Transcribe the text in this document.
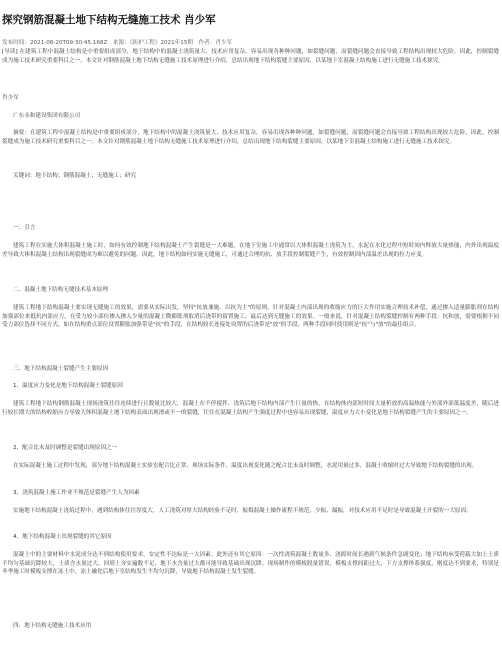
探究钢筋混凝土地下结构无缝施工技术 肖少军
发布时间：2021-08-20T09:30:45.168Z　来源：《防护工程》2021年15期　作者：肖少军

[导读] 在建筑工程中混凝土结构是中重要组成部分，地下结构中的混凝土浇筑量大、技术应用复杂，容易出现各种种问题，如裂缝问题，而裂缝问题会直接导致工程结构出现较大危险。因此，控制裂缝成为施工技术研究重要科目之一。本文针对钢筋混凝土地下结构无缝施工技术原理进行介绍，总结出现地下结构裂缝主要原因，以某地下室混凝土结构施工进行无缝施工技术探究。

肖少军

广东永和建设集团有限公司

摘要：在建筑工程中混凝土结构是中重要组成部分，地下结构中的混凝土浇筑量大、技术应用复杂，容易出现各种种问题，如裂缝问题，而裂缝问题会直接导致工程结构出现较大危险。因此，控制裂缝成为施工技术研究重要科目之一。本文针对钢筋混凝土地下结构无缝施工技术原理进行介绍，总结出现地下结构裂缝主要原因，以某地下室混凝土结构施工进行无缝施工技术探究。

关键词：地下结构；钢筋混凝土；无缝施工；研究

一、引言

建筑工程在实施大体积混凝土施工时，如何有效控制地下结构混凝土产生裂缝是一大难题。在地下室施工中通常以大体积混凝土浇筑为主，水泥在水化过程中短时间内释放大量热能，内外出现温度差导致大体积混凝土结构出现裂缝成为难以避免的问题。因此，地下结构如何实施无缝施工，可通过合理的抗、放手段控制裂缝产生，有效控制因内部温差出现的拉力应变。

二、混凝土地下结构无缝技术基本原理

建筑工程地下结构混凝土要实现无缝施工的效果，需要从实际出发，坚持"抗放兼施、以抗为主"的原则，针对混凝土内部出现的收缩应力的巨大作用实施合理技术补偿，通过掺入适量膨胀剂在结构加强部位来抵抗内部应力，在受力较小部位掺入掺入少量的混凝土微膨胀剂取消后浇带的留置施工，最后达到无缝施工的效果。一般来说，针对混凝土结构裂缝控制有两种手段：抗和放，需要根据不同受力部位选择不同方式，如在结构重点部位设置膨胀加强带是"抗"的手段，在结构较长连接处设置的后浇带是"放"的手段，两种手段同时使用则是"抗"与"放"的最佳组合。

三、地下结构混凝土裂缝产生主要原因

1、温度应力变化是地下结构混凝土裂缝原因

建筑工程地下结构钢筋混凝土现场浇筑往往连续进行且数量比较大，混凝土在不停搅拌、浇筑后地下结构内部产生巨量的热，在结构体内部短时间大量析放的高温热能与外部外部低温度差，随后进行较长期大的结构收缩应力导致大体积混凝土地下结构表面出现滑或不一的裂缝，往往在混凝土结构产生强度过程中也容易出现裂缝，温度应力大小变化是地下结构裂缝产生的主要原因之一。

2、配合比未及时调整是裂缝出现原因之一

在实际混凝土施工过程中发现，部分地下结构混凝土实验室配合比正常，现场实际条件、温度出现变化随之配合比未及时调整，水泥用量过多，混凝土收缩时过大导致地下结构裂缝的出现。

3、浇筑混凝土施工作业不规范是裂缝产生人为因素

实施地下结构混凝土浇筑过程中，遇到结构体往往厚度大，人工浇筑对厚大结构经验不足时，振捣混凝土操作流程不规范，少振、漏振，对技术应用不足时是导致混凝土开裂的一大原因。

4、地下结构混凝土出现裂缝的其它原因

混凝土中的主要材料中水泥成分达不到结构使用要求、安定性不达标是一大因素。此外还有其它原因：一次性浇筑混凝土数量多、浇捣时间长遇到气候条件急剧变化；地下结构承受荷载大加上土质不均匀基础沉降较大，土质含水量过大、回填土夯实遍数不足、地下水含量过大都可能导致基础出现沉降。现场制作的模板脱量错误，模板支撑间距过大，下方支撑体系强度、刚度达不到要求，特别是冬季施工时模板支撑在冻土中，冻土融化后地下室结构发生不均匀沉降，导致地下结构混凝土发生裂缝。

四、地下结构无缝施工技术应用
